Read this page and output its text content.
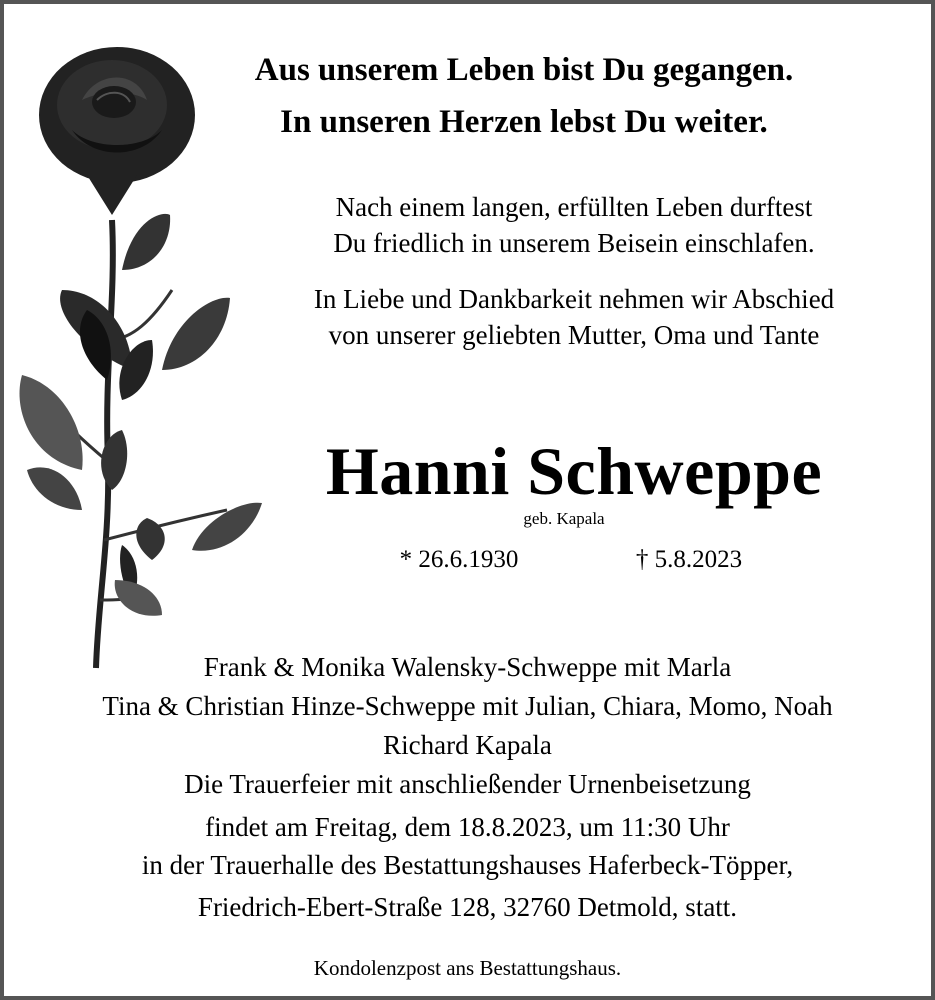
Aus unserem Leben bist Du gegangen.
In unseren Herzen lebst Du weiter.
Nach einem langen, erfüllten Leben durftest
Du friedlich in unserem Beisein einschlafen.
In Liebe und Dankbarkeit nehmen wir Abschied
von unserer geliebten Mutter, Oma und Tante
Hanni Schweppe
geb. Kapala
* 26.6.1930	† 5.8.2023
Frank & Monika Walensky-Schweppe mit Marla
Tina & Christian Hinze-Schweppe mit Julian, Chiara, Momo, Noah
Richard Kapala
Die Trauerfeier mit anschließender Urnenbeisetzung
findet am Freitag, dem 18.8.2023, um 11:30 Uhr
in der Trauerhalle des Bestattungshauses Haferbeck-Töpper,
Friedrich-Ebert-Straße 128, 32760 Detmold, statt.
Kondolenzpost ans Bestattungshaus.
